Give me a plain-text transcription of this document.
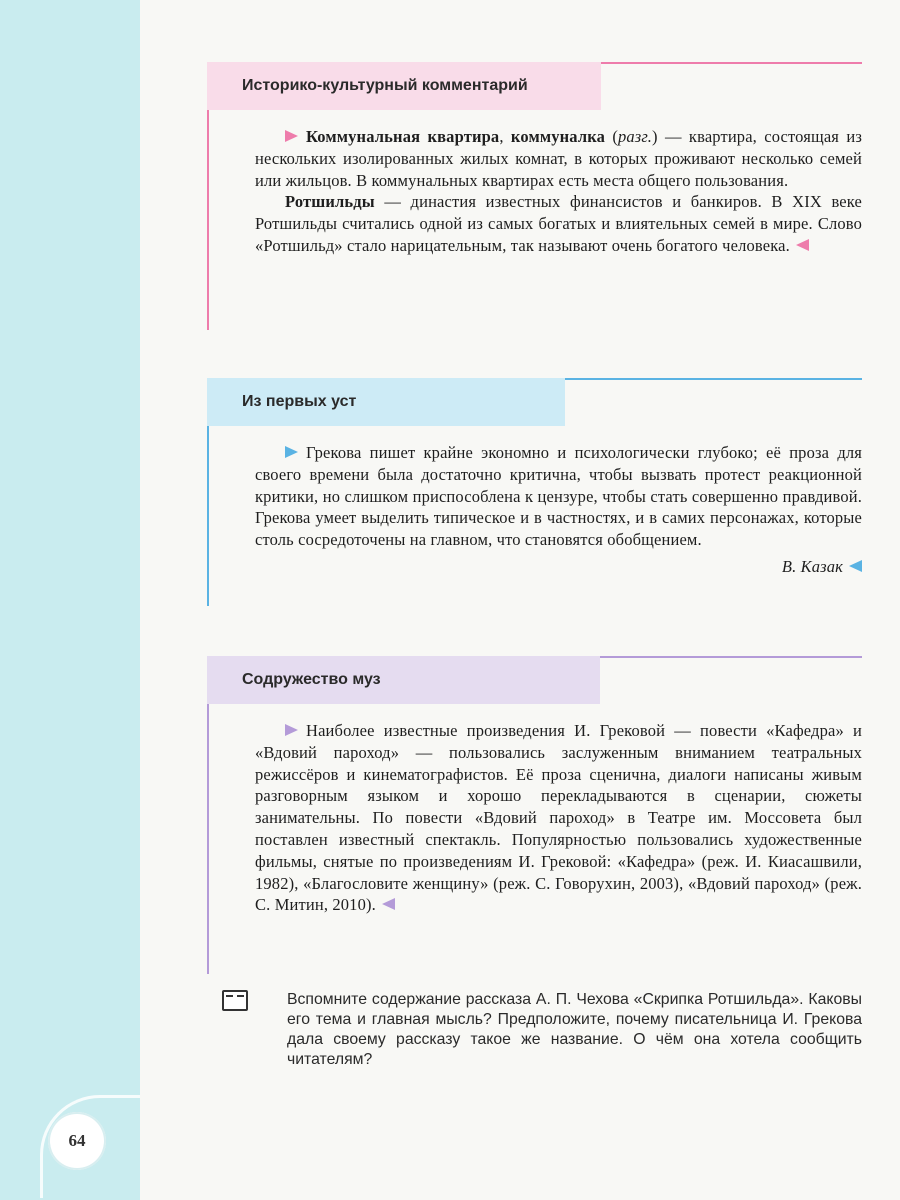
64
Историко-культурный комментарий

Коммунальная квартира, коммуналка (разг.) — квартира, состоящая из нескольких изолированных жилых комнат, в которых проживают несколько семей или жильцов. В коммунальных квартирах есть места общего пользования.

Ротшильды — династия известных финансистов и банкиров. В XIX веке Ротшильды считались одной из самых богатых и влиятельных семей в мире. Слово «Ротшильд» стало нарицательным, так называют очень богатого человека.

Из первых уст

Грекова пишет крайне экономно и психологически глубоко; её проза для своего времени была достаточно критична, чтобы вызвать протест реакционной критики, но слишком приспособлена к цензуре, чтобы стать совершенно правдивой. Грекова умеет выделить типическое и в частностях, и в самих персонажах, которые столь сосредоточены на главном, что становятся обобщением.

В. Казак
Содружество муз

Наиболее известные произведения И. Грековой — повести «Кафедра» и «Вдовий пароход» — пользовались заслуженным вниманием театральных режиссёров и кинематографистов. Её проза сценична, диалоги написаны живым разговорным языком и хорошо перекладываются в сценарии, сюжеты занимательны. По повести «Вдовий пароход» в Театре им. Моссовета был поставлен известный спектакль. Популярностью пользовались художественные фильмы, снятые по произведениям И. Грековой: «Кафедра» (реж. И. Киасашвили, 1982), «Благословите женщину» (реж. С. Говорухин, 2003), «Вдовий пароход» (реж. С. Митин, 2010).

Вспомните содержание рассказа А. П. Чехова «Скрипка Ротшильда». Каковы его тема и главная мысль? Предположите, почему писательница И. Грекова дала своему рассказу такое же название. О чём она хотела сообщить читателям?
